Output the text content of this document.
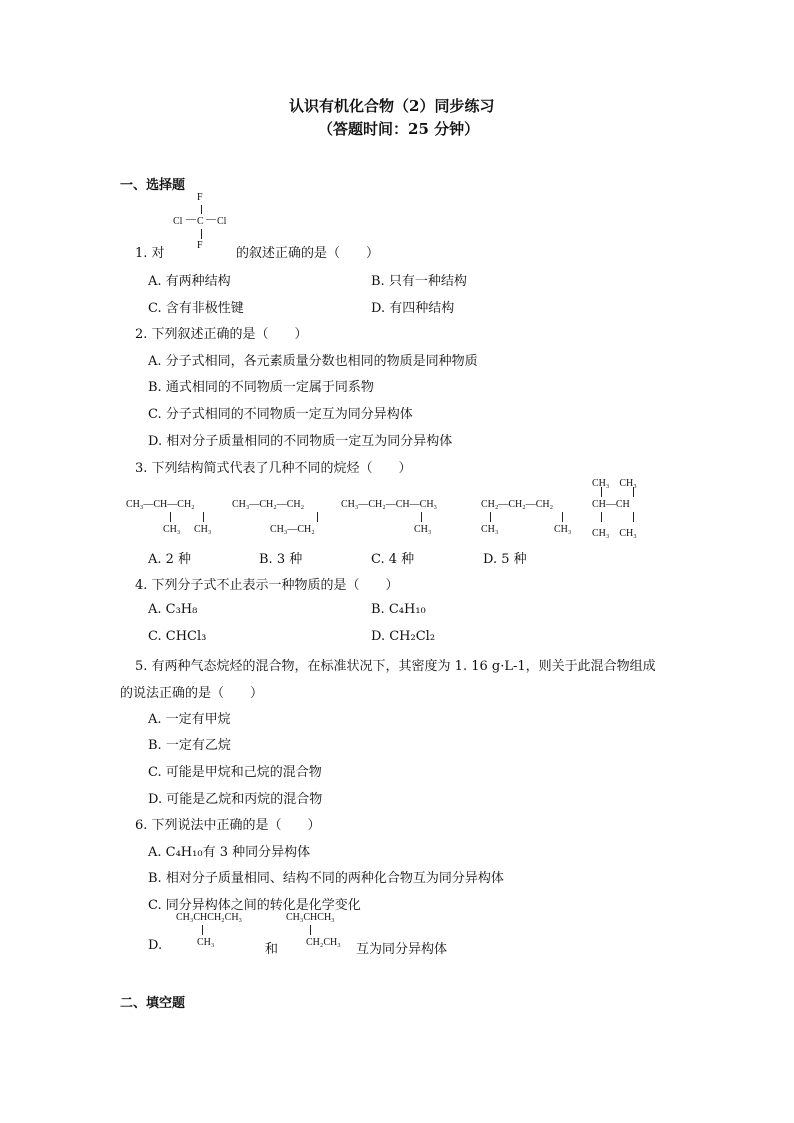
认识有机化合物（2）同步练习
（答题时间：25 分钟）
一、选择题
F
Cl — C — Cl
F
1. 对	的叙述正确的是（　　）
A. 有两种结构	B. 只有一种结构
C. 含有非极性键	D. 有四种结构
2. 下列叙述正确的是（　　）
A. 分子式相同，各元素质量分数也相同的物质是同种物质
B. 通式相同的不同物质一定属于同系物
C. 分子式相同的不同物质一定互为同分异构体
D. 相对分子质量相同的不同物质一定互为同分异构体
3. 下列结构简式代表了几种不同的烷烃（　　）
CH₃—CH—CH₂
CH₃ CH₃
CH₃—CH₂—CH₂
CH₃—CH₂
CH₃—CH₂—CH—CH₃
CH₃
CH₂—CH₂—CH₂
CH₃	CH₃
CH₃　CH₃
CH—CH
CH₃　CH₃
A. 2 种	B. 3 种	C. 4 种	D. 5 种
4. 下列分子式不止表示一种物质的是（　　）
A. C₃H₈	B. C₄H₁₀
C. CHCl₃	D. CH₂Cl₂
5. 有两种气态烷烃的混合物，在标准状况下，其密度为 1. 16 g·L-1，则关于此混合物组成
的说法正确的是（　　）
A. 一定有甲烷
B. 一定有乙烷
C. 可能是甲烷和己烷的混合物
D. 可能是乙烷和丙烷的混合物
6. 下列说法中正确的是（　　）
A. C₄H₁₀有 3 种同分异构体
B. 相对分子质量相同、结构不同的两种化合物互为同分异构体
C. 同分异构体之间的转化是化学变化
CH₃CHCH₂CH₃
CH₃
CH₃CHCH₃
CH₂CH₃
D.	和	互为同分异构体
二、填空题
